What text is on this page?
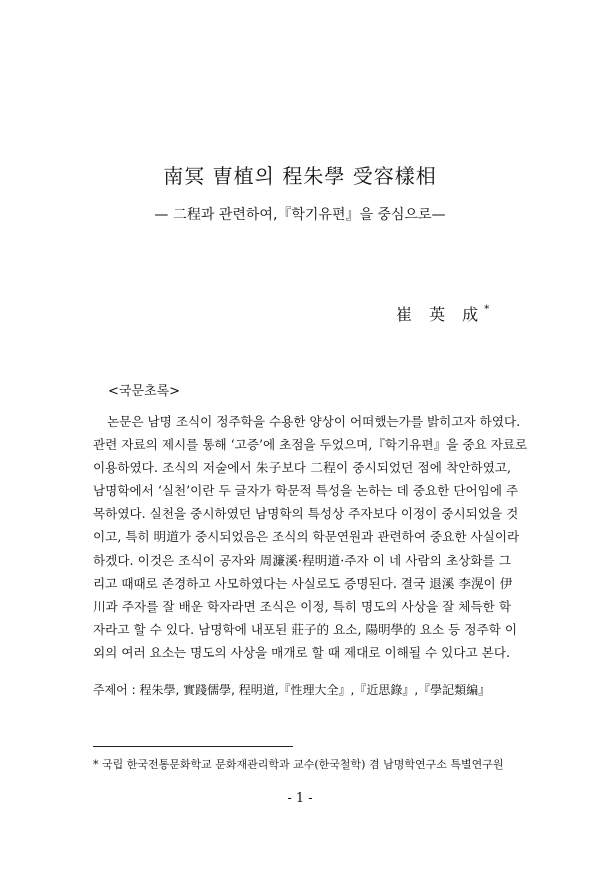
南冥 曺植의 程朱學 受容樣相
— 二程과 관련하여,『학기유편』을 중심으로—
崔 英 成*
<국문초록>
논문은 남명 조식이 정주학을 수용한 양상이 어떠했는가를 밝히고자 하였다.
관련 자료의 제시를 통해 ‘고증’에 초점을 두었으며,『학기유편』을 중요 자료로
이용하였다. 조식의 저술에서 朱子보다 二程이 중시되었던 점에 착안하였고,
남명학에서 ‘실천’이란 두 글자가 학문적 특성을 논하는 데 중요한 단어임에 주
목하였다. 실천을 중시하였던 남명학의 특성상 주자보다 이정이 중시되었을 것
이고, 특히 明道가 중시되었음은 조식의 학문연원과 관련하여 중요한 사실이라
하겠다. 이것은 조식이 공자와 周濂溪·程明道·주자 이 네 사람의 초상화를 그
리고 때때로 존경하고 사모하였다는 사실로도 증명된다. 결국 退溪 李滉이 伊
川과 주자를 잘 배운 학자라면 조식은 이정, 특히 명도의 사상을 잘 체득한 학
자라고 할 수 있다. 남명학에 내포된 莊子的 요소, 陽明學的 요소 등 정주학 이
외의 여러 요소는 명도의 사상을 매개로 할 때 제대로 이해될 수 있다고 본다.
주제어 : 程朱學, 實踐儒學, 程明道,『性理大全』,『近思錄』,『學記類編』
* 국립 한국전통문화학교 문화재관리학과 교수(한국철학) 겸 남명학연구소 특별연구원
- 1 -
